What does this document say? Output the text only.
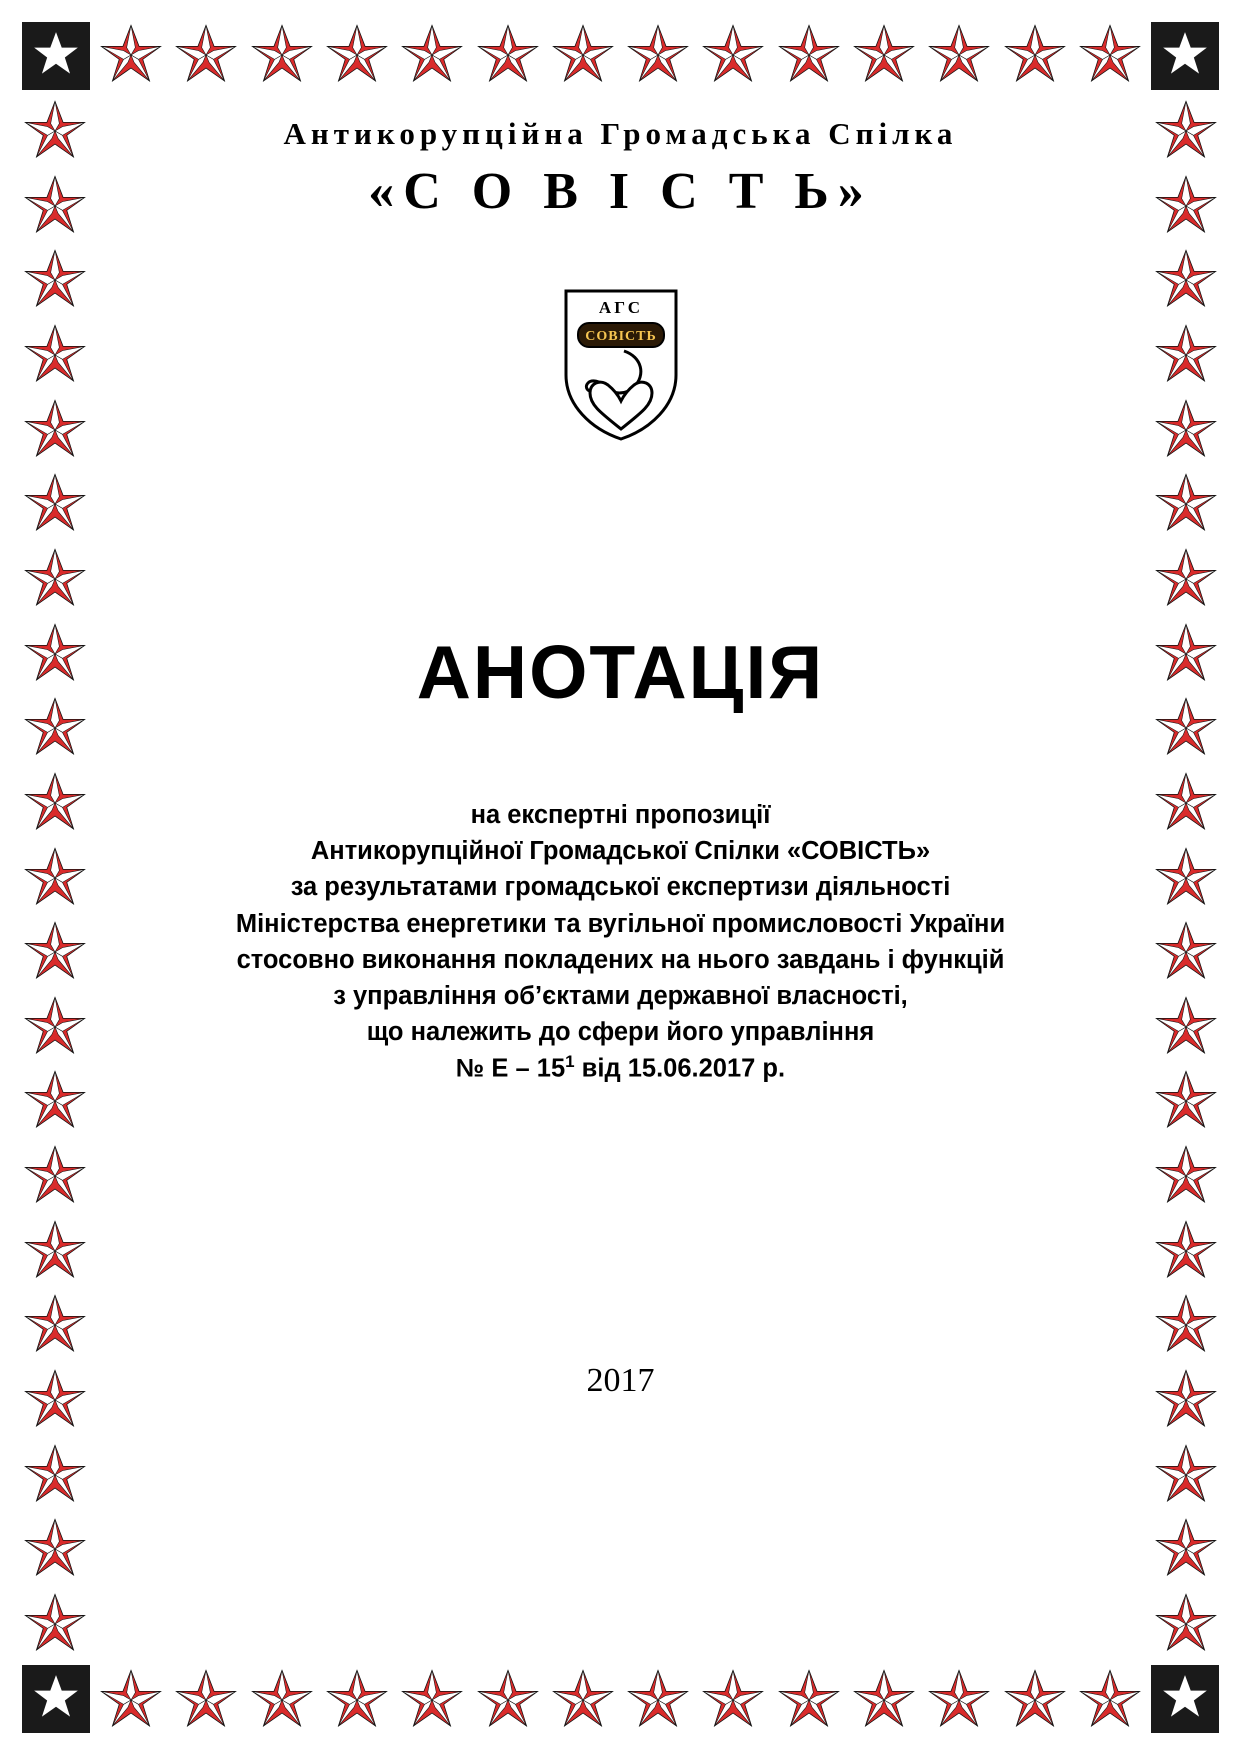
Антикорупційна Громадська Спілка
«С О В І С Т Ь»
АГС
СОВІСТЬ
АНОТАЦІЯ
на експертні пропозиції
Антикорупційної Громадської Спілки «СОВІСТЬ»
за результатами громадської експертизи діяльності
Міністерства енергетики та вугільної промисловості України
стосовно виконання покладених на нього завдань і функцій
з управління об’єктами державної власності,
що належить до сфери його управління
№ Е – $15^1$ від 15.06.2017 р.
2017
